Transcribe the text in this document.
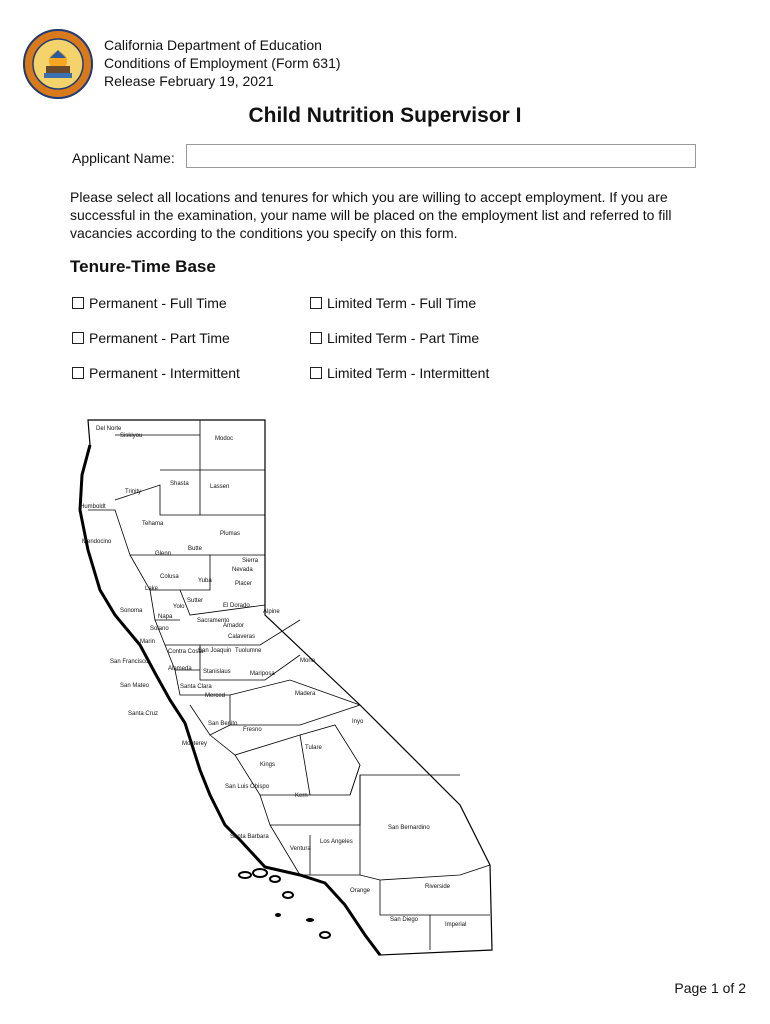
California Department of Education
Conditions of Employment (Form 631)
Release February 19, 2021
Child Nutrition Supervisor I
Applicant Name:
Please select all locations and tenures for which you are willing to accept employment. If you are successful in the examination, your name will be placed on the employment list and referred to fill vacancies according to the conditions you specify on this form.
Tenure-Time Base
Permanent - Full Time	Limited Term - Full Time
Permanent - Part Time	Limited Term - Part Time
Permanent - Intermittent	Limited Term - Intermittent
Del Norte
Siskiyou	Modoc
Shasta	Lassen
Trinity
Humboldt
Tehama
Plumas
Mendocino
Butte
Glenn
Sierra
Nevada
Colusa
Yuba	Placer
Lake
Sutter
Sonoma
Yolo	El Dorado
Napa
Sacramento
Alpine
Solano	Amador
Marin
Calaveras
Contra Costa
San Joaquin Tuolumne
Mono
San Francisco
Alameda Stanislaus	Mariposa
San Mateo	Santa Clara
Madera
Merced
Santa Cruz
San Benito
Fresno
Inyo
Monterey
Tulare
Kings
San Luis Obispo
Kern
Santa Barbara
San Bernardino
Ventura
Los Angeles
Orange
Riverside
San Diego
Imperial
Page 1 of 2
